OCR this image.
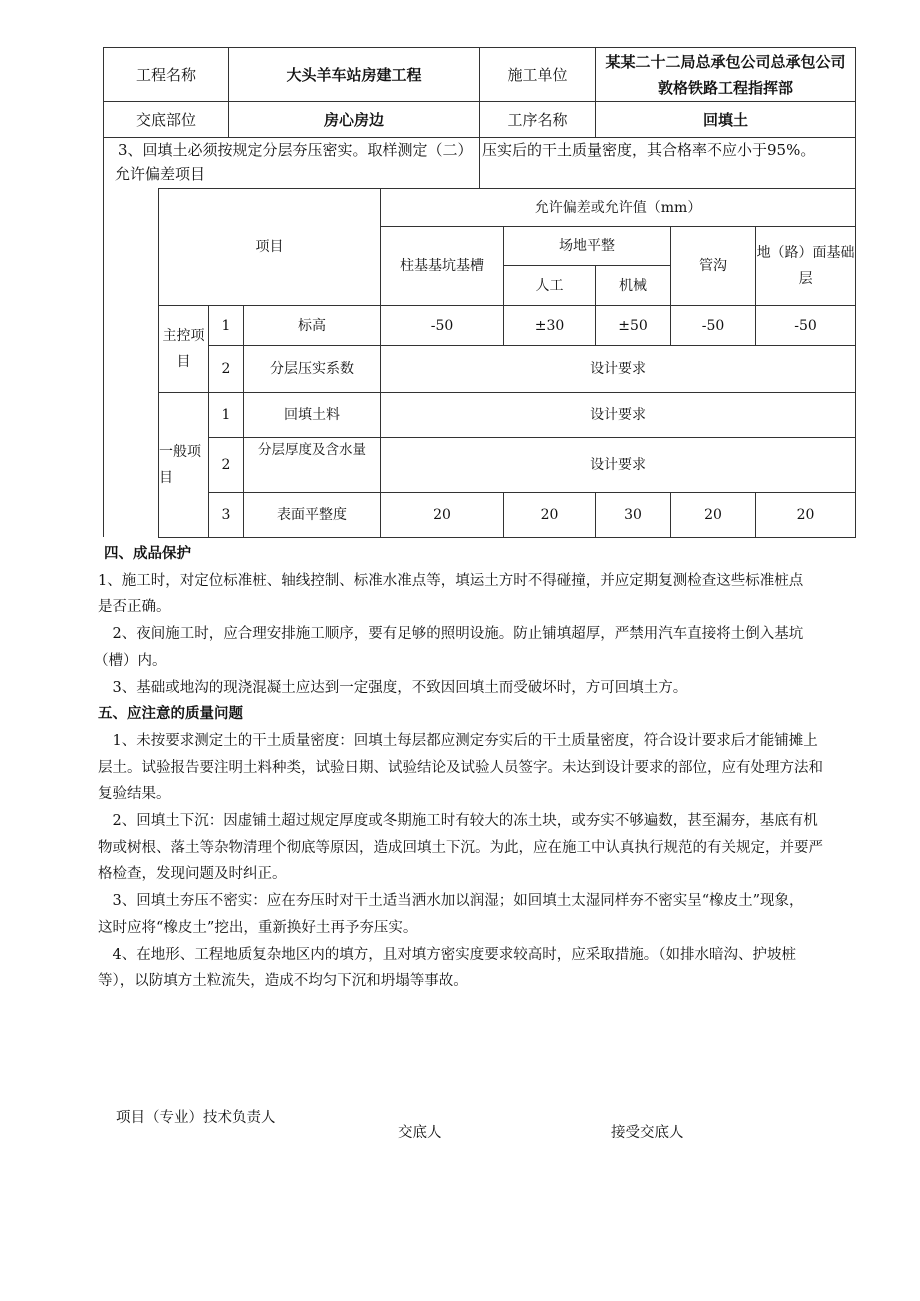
工程名称	大头羊车站房建工程	施工单位	某某二十二局总承包公司总承包公司
敦格铁路工程指挥部

交底部位	房心房边	工序名称	回填土

3、回填土必须按规定分层夯压密实。取样测定（二）
允许偏差项目		压实后的干土质量密度，其合格率不应小于95%。	
项目			允许偏差或允许值（mm）				
			柱基基坑基槽	场地平整		管沟	地（路）面基础层
				人工	机械		
主控项目	1	标高	-50	±30	±50	-50	-50
	2	分层压实系数	设计要求				
一般项目	1	回填土料	设计要求				
	2	分层厚度及含水量	设计要求				
	3	表面平整度	20	20	30	20	20
四、成品保护
1、施工时，对定位标准桩、轴线控制、标准水准点等，填运土方时不得碰撞，并应定期复测检查这些标准桩点
是否正确。
　2、夜间施工时，应合理安排施工顺序，要有足够的照明设施。防止铺填超厚，严禁用汽车直接将土倒入基坑
（槽）内。
　3、基础或地沟的现浇混凝土应达到一定强度，不致因回填土而受破坏时，方可回填土方。
五、应注意的质量问题
　1、未按要求测定土的干土质量密度：回填土每层都应测定夯实后的干土质量密度，符合设计要求后才能铺摊上
层土。试验报告要注明土料种类，试验日期、试验结论及试验人员签字。未达到设计要求的部位，应有处理方法和
复验结果。
　2、回填土下沉：因虚铺土超过规定厚度或冬期施工时有较大的冻土块，或夯实不够遍数，甚至漏夯，基底有机
物或树根、落土等杂物清理个彻底等原因，造成回填土下沉。为此，应在施工中认真执行规范的有关规定，并要严
格检查，发现问题及时纠正。
　3、回填土夯压不密实：应在夯压时对干土适当洒水加以润湿；如回填土太湿同样夯不密实呈“橡皮土”现象，
这时应将“橡皮土”挖出，重新换好土再予夯压实。
　4、在地形、工程地质复杂地区内的填方，且对填方密实度要求较高时，应采取措施。（如排水暗沟、护坡桩
等），以防填方土粒流失，造成不均匀下沉和坍塌等事故。
项目（专业）技术负责人
交底人	接受交底人
